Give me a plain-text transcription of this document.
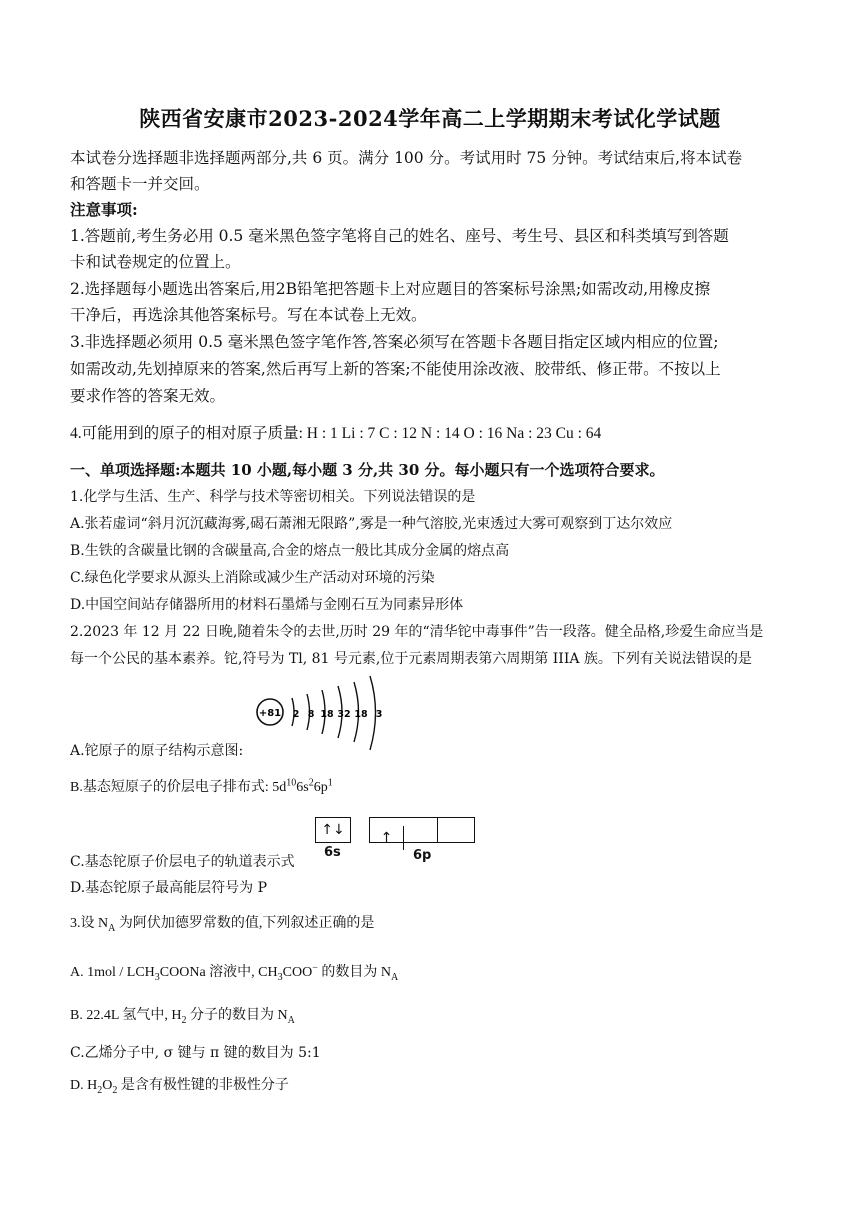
陕西省安康市2023-2024学年高二上学期期末考试化学试题
本试卷分选择题非选择题两部分,共 6 页。满分 100 分。考试用时 75 分钟。考试结束后,将本试卷
和答题卡一并交回。
注意事项:
1.答题前,考生务必用 0.5 毫米黑色签字笔将自己的姓名、座号、考生号、县区和科类填写到答题
卡和试卷规定的位置上。
2.选择题每小题选出答案后,用2B铅笔把答题卡上对应题目的答案标号涂黑;如需改动,用橡皮擦
干净后，再选涂其他答案标号。写在本试卷上无效。
3.非选择题必须用 0.5 毫米黑色签字笔作答,答案必须写在答题卡各题目指定区域内相应的位置;
如需改动,先划掉原来的答案,然后再写上新的答案;不能使用涂改液、胶带纸、修正带。不按以上
要求作答的答案无效。
4.可能用到的原子的相对原子质量: H : 1 Li : 7 C : 12 N : 14 O : 16 Na : 23 Cu : 64
一、单项选择题:本题共 10 小题,每小题 3 分,共 30 分。每小题只有一个选项符合要求。
1.化学与生活、生产、科学与技术等密切相关。下列说法错误的是
A.张若虚词“斜月沉沉藏海雾,碣石萧湘无限路”,雾是一种气溶胶,光束透过大雾可观察到丁达尔效应
B.生铁的含碳量比钢的含碳量高,合金的熔点一般比其成分金属的熔点高
C.绿色化学要求从源头上消除或减少生产活动对环境的污染
D.中国空间站存储器所用的材料石墨烯与金刚石互为同素异形体
2.2023 年 12 月 22 日晚,随着朱令的去世,历时 29 年的“清华铊中毒事件”告一段落。健全品格,珍爱生命应当是
每一个公民的基本素养。铊,符号为 Tl, 81 号元素,位于元素周期表第六周期第 IIIA 族。下列有关说法错误的是
+81 2 8 18 32 18 3
A.铊原子的原子结构示意图:
B.基态短原子的价层电子排布式: $5d^{10}6s^26p^1$
↑↓	↑
6s	6p
C.基态铊原子价层电子的轨道表示式
D.基态铊原子最高能层符号为 P
3.设 $N_A$ 为阿伏加德罗常数的值,下列叙述正确的是
A. $1mol / LCH_3COONa$ 溶液中, $CH_3COO^-$ 的数目为 $N_A$
B. 22.4L 氢气中, $H_2$ 分子的数目为 $N_A$
C.乙烯分子中, σ 键与 π 键的数目为 5:1
D. $H_2O_2$ 是含有极性键的非极性分子
